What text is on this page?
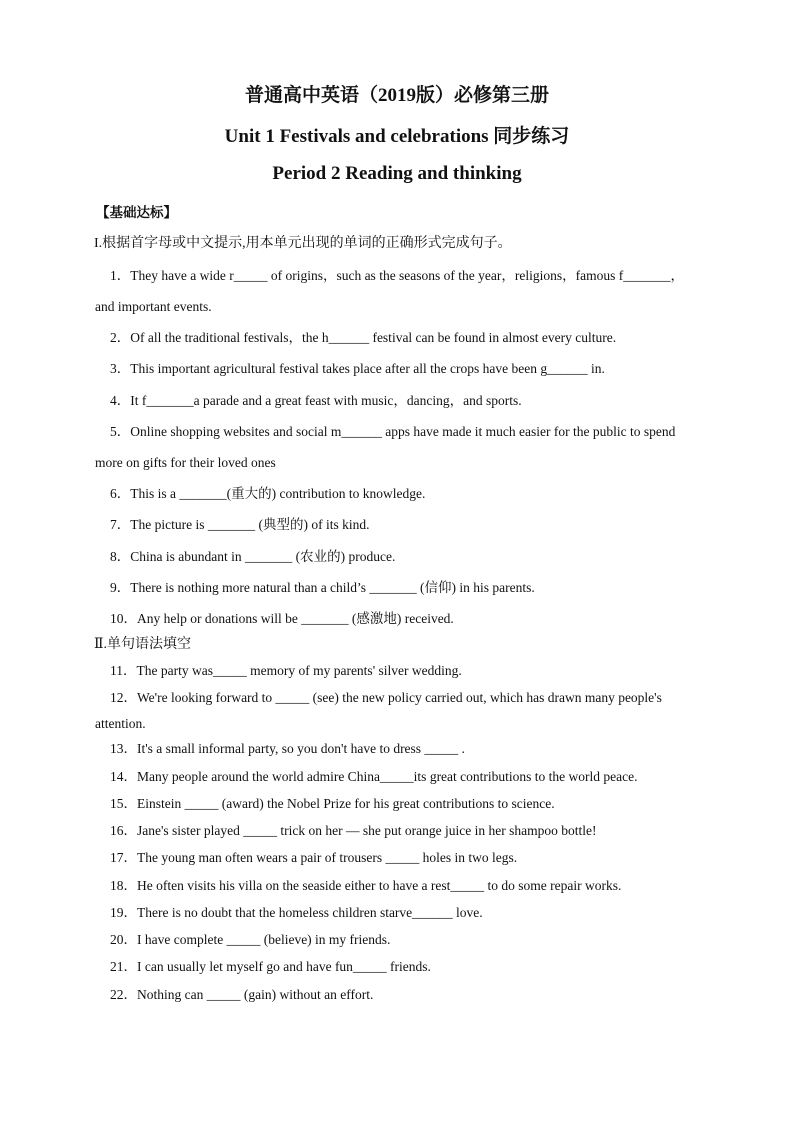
普通高中英语（2019版）必修第三册
Unit 1 Festivals and celebrations 同步练习
Period 2 Reading and thinking
【基础达标】
I.根据首字母或中文提示,用本单元出现的单词的正确形式完成句子。
1．They have a wide r_____ of origins，such as the seasons of the year，religions，famous f_______，
and important events.
2．Of all the traditional festivals，the h______ festival can be found in almost every culture.
3．This important agricultural festival takes place after all the crops have been g______ in.
4．It f_______a parade and a great feast with music，dancing，and sports.
5．Online shopping websites and social m______ apps have made it much easier for the public to spend
more on gifts for their loved ones
6．This is a _______(重大的) contribution to knowledge.
7．The picture is _______ (典型的) of its kind.
8．China is abundant in _______ (农业的) produce.
9．There is nothing more natural than a child’s _______ (信仰) in his parents.
10．Any help or donations will be _______ (感激地) received.
Ⅱ.单句语法填空
11．The party was_____ memory of my parents' silver wedding.
12．We're looking forward to _____ (see) the new policy carried out, which has drawn many people's
attention.
13．It's a small informal party, so you don't have to dress _____ .
14．Many people around the world admire China_____its great contributions to the world peace.
15．Einstein _____ (award) the Nobel Prize for his great contributions to science.
16．Jane's sister played _____ trick on her — she put orange juice in her shampoo bottle!
17．The young man often wears a pair of trousers _____ holes in two legs.
18．He often visits his villa on the seaside either to have a rest_____ to do some repair works.
19．There is no doubt that the homeless children starve______ love.
20．I have complete _____ (believe) in my friends.
21．I can usually let myself go and have fun_____ friends.
22．Nothing can _____ (gain) without an effort.
